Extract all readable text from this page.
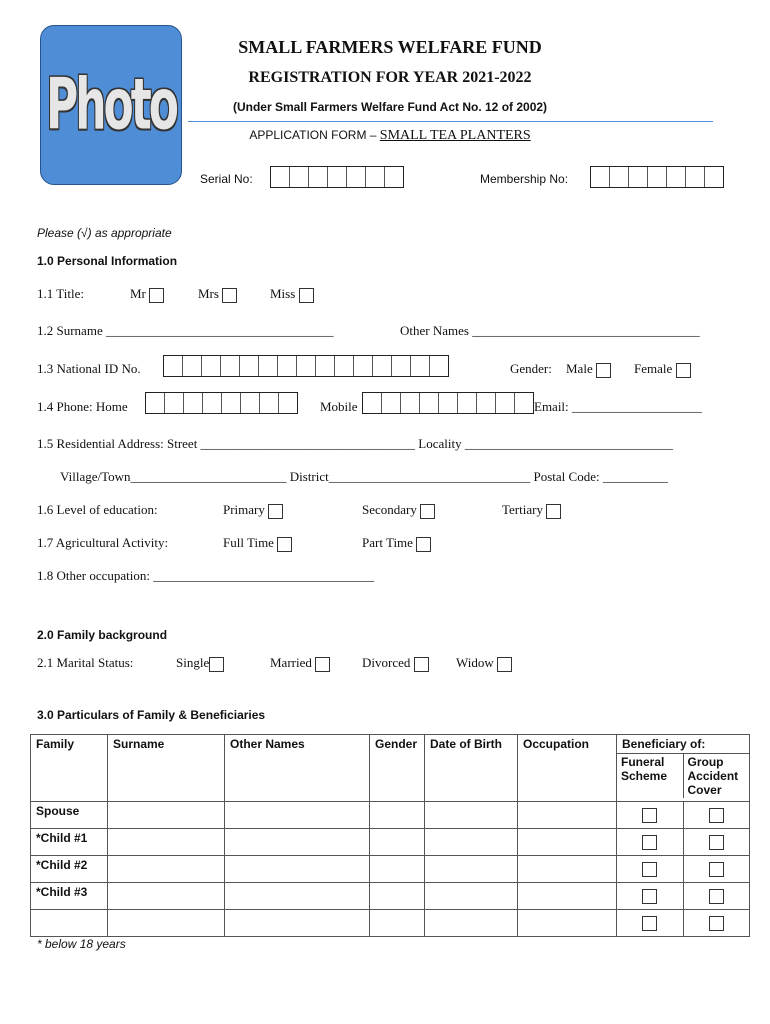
Photo
SMALL FARMERS WELFARE FUND
REGISTRATION FOR YEAR 2021-2022
(Under Small Farmers Welfare Fund Act No. 12 of 2002)
APPLICATION FORM – SMALL TEA PLANTERS
Serial No:	Membership No:
Please (√) as appropriate
1.0 Personal Information
1.1 Title:	Mr	Mrs	Miss
1.2 Surname ___________________________________	Other Names ___________________________________
1.3 National ID No.	Gender: Male	Female
1.4 Phone: Home	Mobile	Email: ____________________
1.5 Residential Address: Street _________________________________ Locality ________________________________
Village/Town________________________ District_______________________________ Postal Code: __________
1.6 Level of education:	Primary	Secondary	Tertiary
1.7 Agricultural Activity:	Full Time	Part Time
1.8 Other occupation: __________________________________
2.0 Family background
2.1 Marital Status:	Single	Married	Divorced	Widow
3.0 Particulars of Family & Beneficiaries
Family	Surname	Other Names	Gender	Date of Birth	Occupation	Beneficiary of:
Funeral Scheme
Group Accident Cover	

Spouse							
*Child #1							
*Child #2							
*Child #3							

* below 18 years
